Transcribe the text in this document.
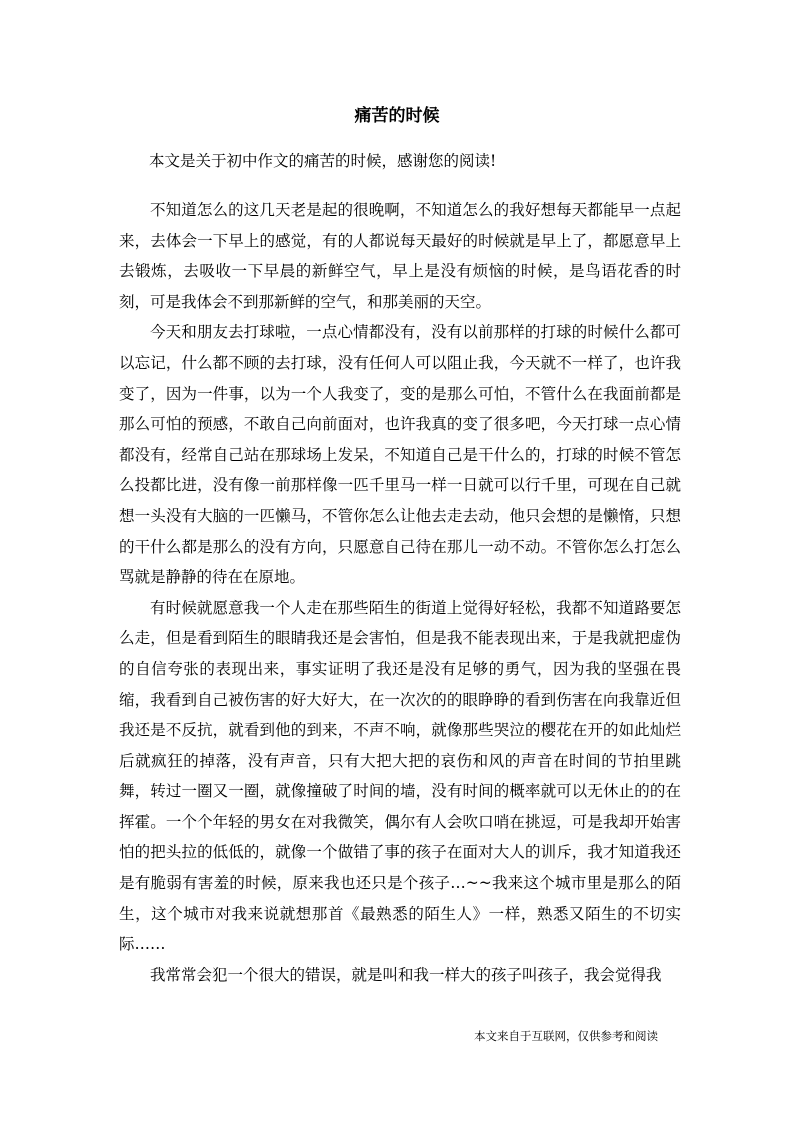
痛苦的时候

本文是关于初中作文的痛苦的时候，感谢您的阅读!

不知道怎么的这几天老是起的很晚啊，不知道怎么的我好想每天都能早一点起来，去体会一下早上的感觉，有的人都说每天最好的时候就是早上了，都愿意早上去锻炼，去吸收一下早晨的新鲜空气，早上是没有烦恼的时候，是鸟语花香的时刻，可是我体会不到那新鲜的空气，和那美丽的天空。

今天和朋友去打球啦，一点心情都没有，没有以前那样的打球的时候什么都可以忘记，什么都不顾的去打球，没有任何人可以阻止我，今天就不一样了，也许我变了，因为一件事，以为一个人我变了，变的是那么可怕，不管什么在我面前都是那么可怕的预感，不敢自己向前面对，也许我真的变了很多吧，今天打球一点心情都没有，经常自己站在那球场上发呆，不知道自己是干什么的，打球的时候不管怎么投都比进，没有像一前那样像一匹千里马一样一日就可以行千里，可现在自己就想一头没有大脑的一匹懒马，不管你怎么让他去走去动，他只会想的是懒惰，只想的干什么都是那么的没有方向，只愿意自己待在那儿一动不动。不管你怎么打怎么骂就是静静的待在在原地。

有时候就愿意我一个人走在那些陌生的街道上觉得好轻松，我都不知道路要怎么走，但是看到陌生的眼睛我还是会害怕，但是我不能表现出来，于是我就把虚伪的自信夸张的表现出来，事实证明了我还是没有足够的勇气，因为我的坚强在畏缩，我看到自己被伤害的好大好大，在一次次的的眼睁睁的看到伤害在向我靠近但我还是不反抗，就看到他的到来，不声不响，就像那些哭泣的樱花在开的如此灿烂后就疯狂的掉落，没有声音，只有大把大把的哀伤和风的声音在时间的节拍里跳舞，转过一圈又一圈，就像撞破了时间的墙，没有时间的概率就可以无休止的的在挥霍。一个个年轻的男女在对我微笑，偶尔有人会吹口哨在挑逗，可是我却开始害怕的把头拉的低低的，就像一个做错了事的孩子在面对大人的训斥，我才知道我还是有脆弱有害羞的时候，原来我也还只是个孩子…~~我来这个城市里是那么的陌生，这个城市对我来说就想那首《最熟悉的陌生人》一样，熟悉又陌生的不切实际……

我常常会犯一个很大的错误，就是叫和我一样大的孩子叫孩子，我会觉得我

本文来自于互联网，仅供参考和阅读
